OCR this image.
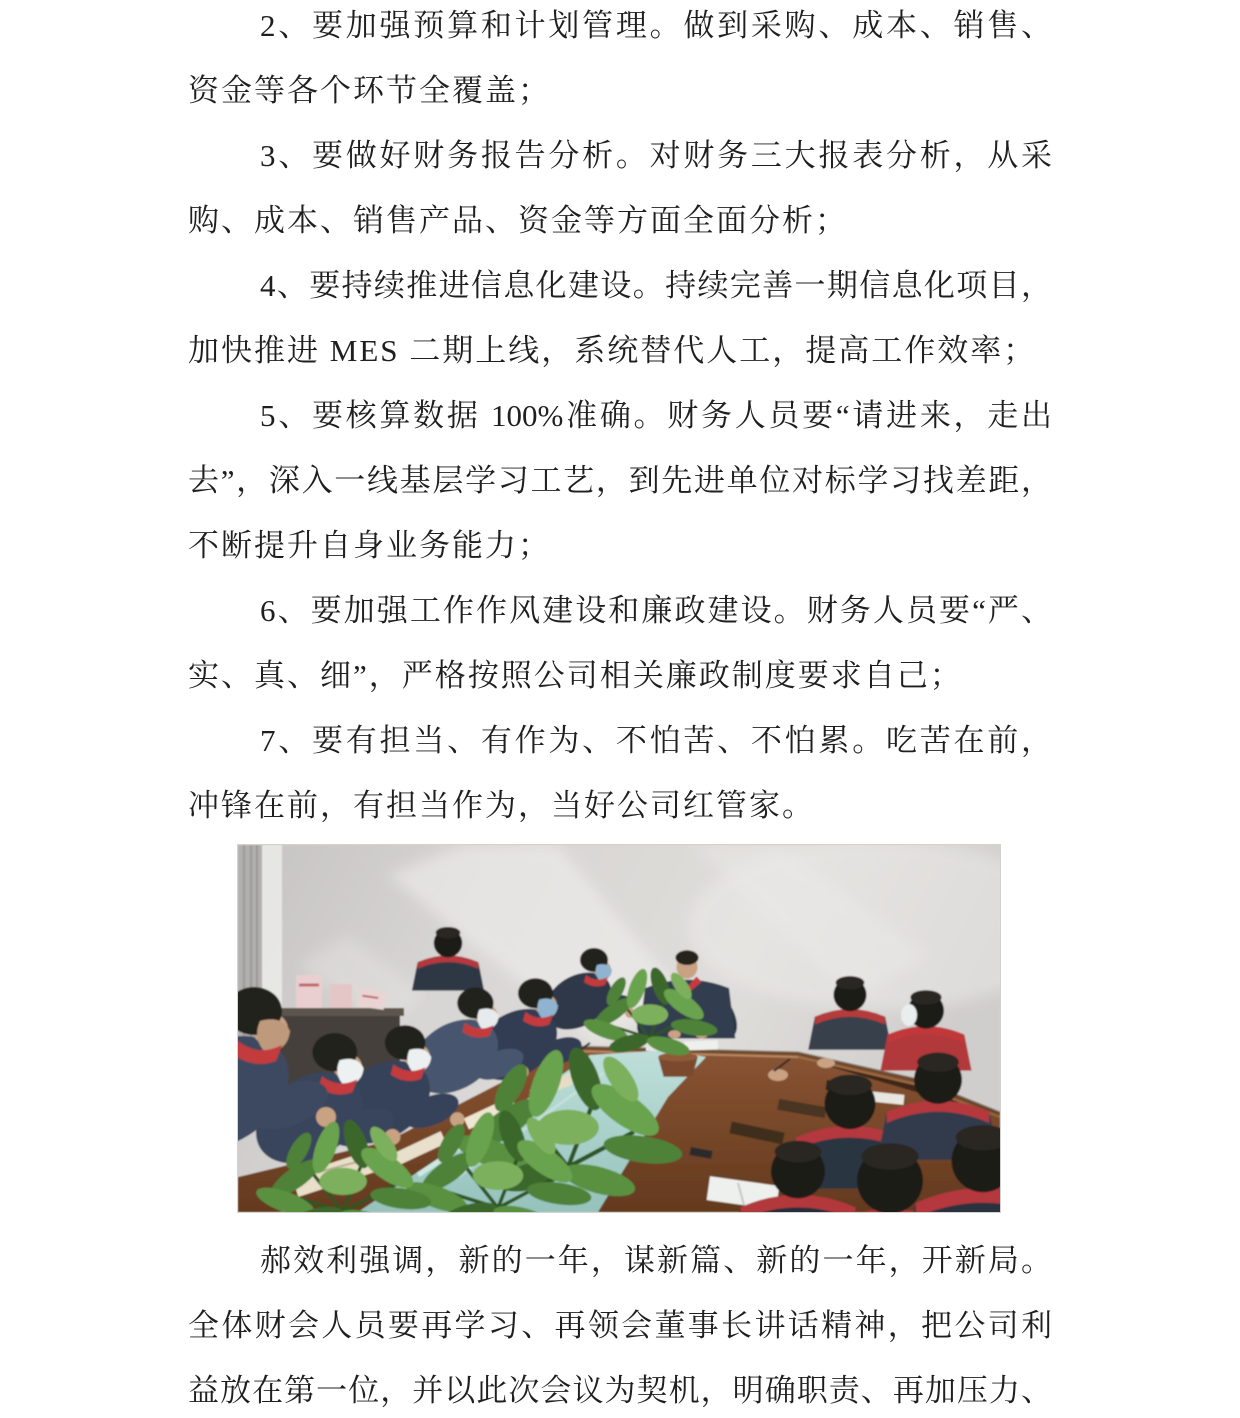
2、要加强预算和计划管理。做到采购、成本、销售、
资金等各个环节全覆盖；
3、要做好财务报告分析。对财务三大报表分析，从采
购、成本、销售产品、资金等方面全面分析；
4、要持续推进信息化建设。持续完善一期信息化项目，
加快推进 MES 二期上线，系统替代人工，提高工作效率；
5、要核算数据 100%准确。财务人员要“请进来，走出
去”，深入一线基层学习工艺，到先进单位对标学习找差距，
不断提升自身业务能力；
6、要加强工作作风建设和廉政建设。财务人员要“严、
实、真、细”，严格按照公司相关廉政制度要求自己；
7、要有担当、有作为、不怕苦、不怕累。吃苦在前，
冲锋在前，有担当作为，当好公司红管家。
郝效利强调，新的一年，谋新篇、新的一年，开新局。
全体财会人员要再学习、再领会董事长讲话精神，把公司利
益放在第一位，并以此次会议为契机，明确职责、再加压力、
